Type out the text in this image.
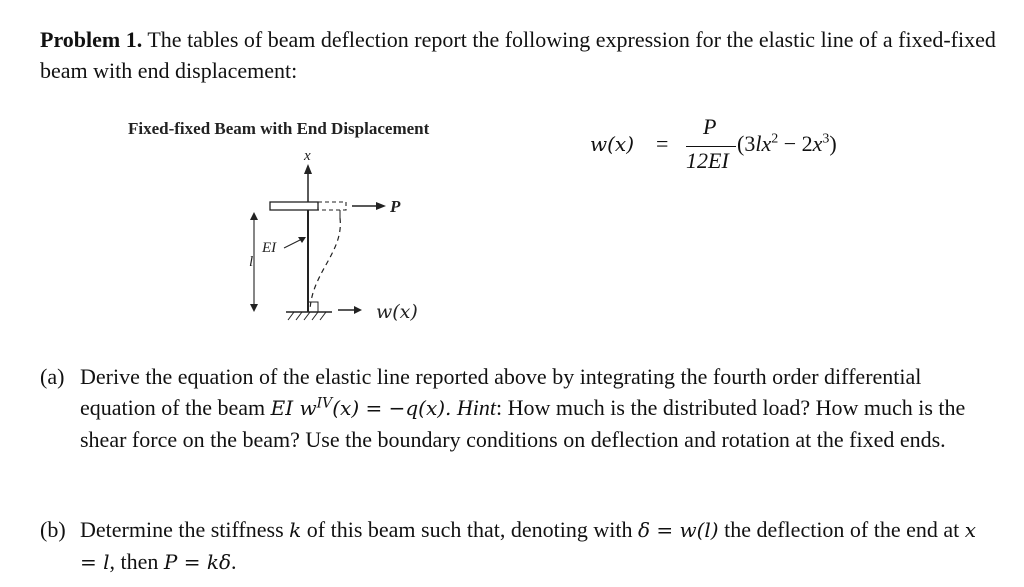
Problem 1. The tables of beam deflection report the following expression for the elastic line of a fixed-fixed beam with end displacement:
Fixed-fixed Beam with End Displacement
x
P
EI
l
w(x)
w(x) =
P
12EI
$(3lx^2 - 2x^3)$
(a) Derive the equation of the elastic line reported above by integrating the fourth order differential equation of the beam EI $w^{IV}(x) = -q(x)$. Hint: How much is the distributed load? How much is the shear force on the beam? Use the boundary conditions on deflection and rotation at the fixed ends.
(b) Determine the stiffness k of this beam such that, denoting with δ = w(l) the deflection of the end at x = l, then P = kδ.
